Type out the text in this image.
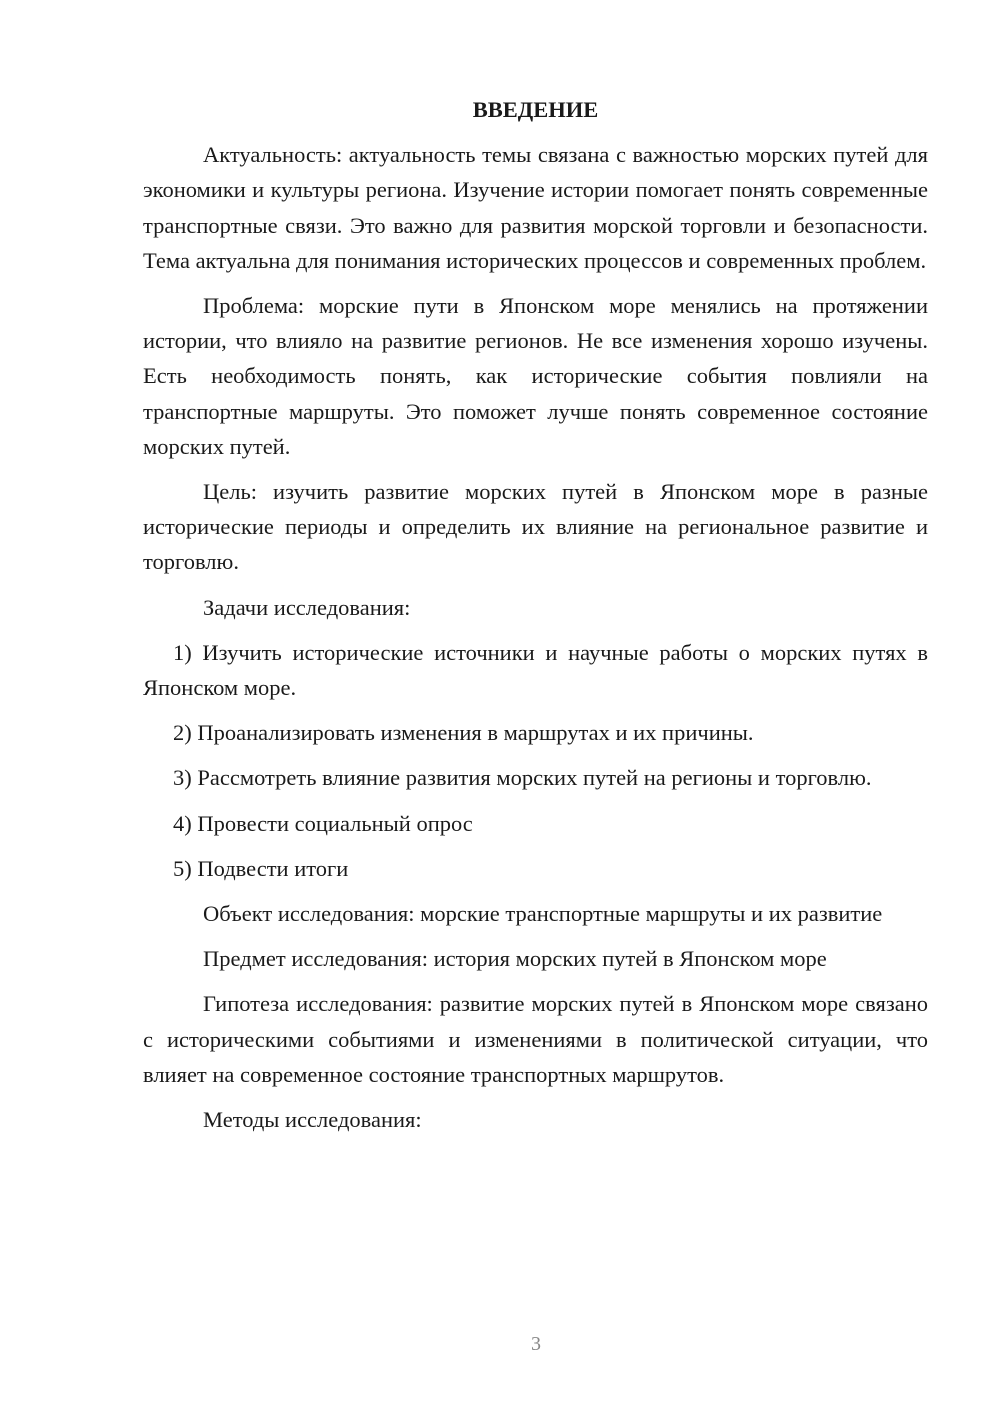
ВВЕДЕНИЕ

Актуальность: актуальность темы связана с важностью морских путей для экономики и культуры региона. Изучение истории помогает понять современные транспортные связи. Это важно для развития морской торговли и безопасности. Тема актуальна для понимания исторических процессов и современных проблем.

Проблема: морские пути в Японском море менялись на протяжении истории, что влияло на развитие регионов. Не все изменения хорошо изучены. Есть необходимость понять, как исторические события повлияли на транспортные маршруты. Это поможет лучше понять современное состояние морских путей.

Цель: изучить развитие морских путей в Японском море в разные исторические периоды и определить их влияние на региональное развитие и торговлю.

Задачи исследования:

1) Изучить исторические источники и научные работы о морских путях в Японском море.

2) Проанализировать изменения в маршрутах и их причины.

3) Рассмотреть влияние развития морских путей на регионы и торговлю.

4) Провести социальный опрос

5) Подвести итоги

Объект исследования: морские транспортные маршруты и их развитие

Предмет исследования: история морских путей в Японском море

Гипотеза исследования: развитие морских путей в Японском море связано с историческими событиями и изменениями в политической ситуации, что влияет на современное состояние транспортных маршрутов.

Методы исследования:

3
